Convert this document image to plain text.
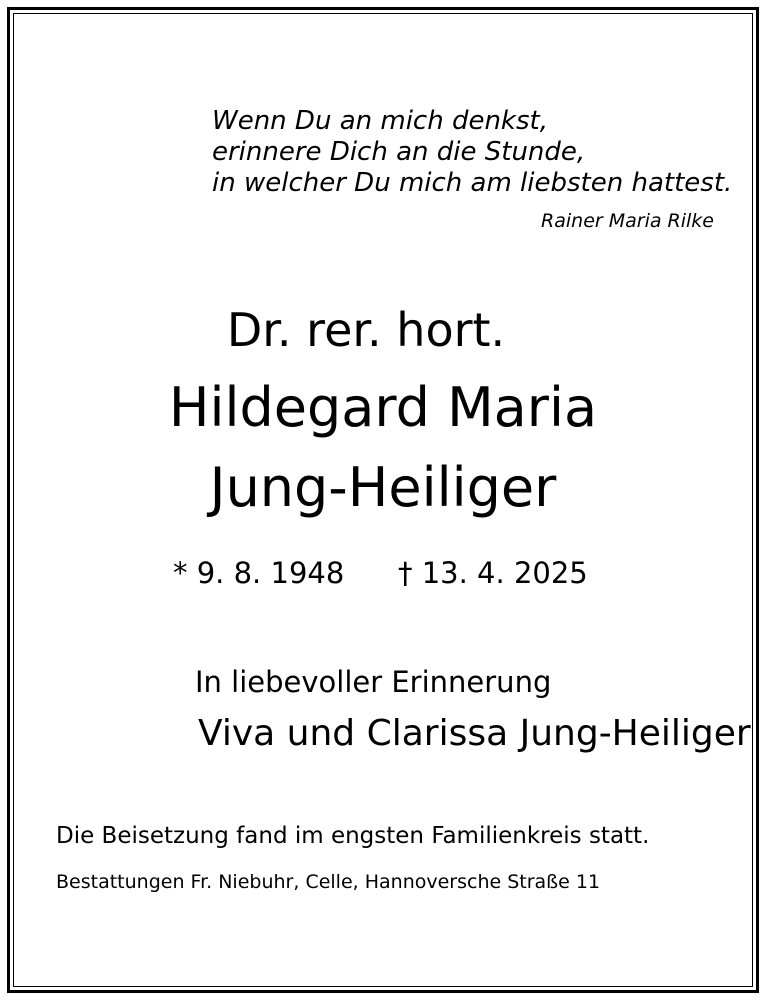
Wenn Du an mich denkst,
erinnere Dich an die Stunde,
in welcher Du mich am liebsten hattest.
Rainer Maria Rilke
Dr. rer. hort.
Hildegard Maria
Jung-Heiliger
* 9. 8. 1948 † 13. 4. 2025
In liebevoller Erinnerung
Viva und Clarissa Jung-Heiliger
Die Beisetzung fand im engsten Familienkreis statt.
Bestattungen Fr. Niebuhr, Celle, Hannoversche Straße 11
